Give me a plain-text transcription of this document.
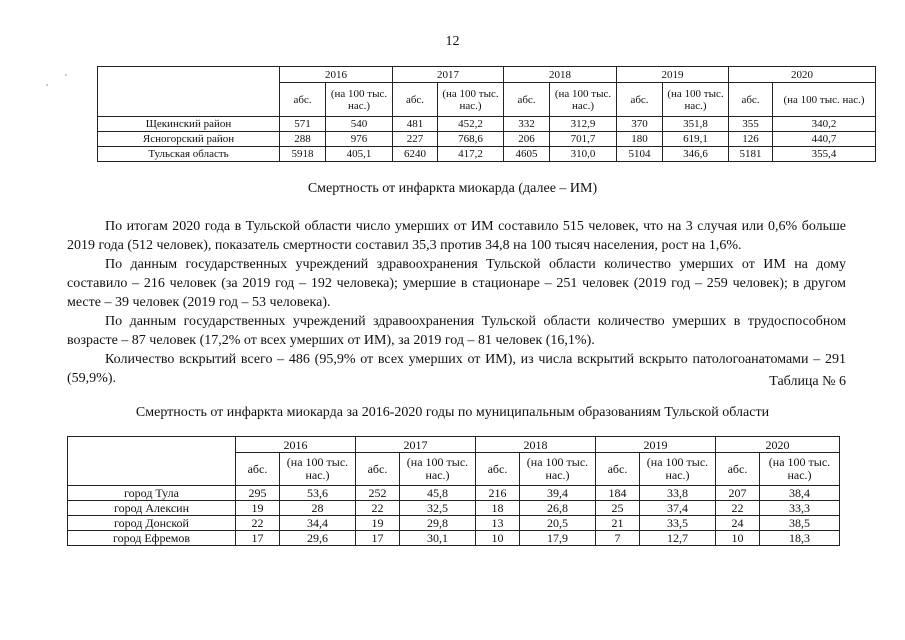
12
	2016		2017		2018		2019		2020	
	абс.	(на 100 тыс. нас.)	абс.	(на 100 тыс. нас.)	абс.	(на 100 тыс. нас.)	абс.	(на 100 тыс. нас.)	абс.	(на 100 тыс. нас.)
Щекинский район	571	540	481	452,2	332	312,9	370	351,8	355	340,2
Ясногорский район	288	976	227	768,6	206	701,7	180	619,1	126	440,7
Тульская область	5918	405,1	6240	417,2	4605	310,0	5104	346,6	5181	355,4
Смертность от инфаркта миокарда (далее – ИМ)

По итогам 2020 года в Тульской области число умерших от ИМ составило 515 человек, что на 3 случая или 0,6% больше 2019 года (512 человек), показатель смертности составил 35,3 против 34,8 на 100 тысяч населения, рост на 1,6%.

По данным государственных учреждений здравоохранения Тульской области количество умерших от ИМ на дому составило – 216 человек (за 2019 год – 192 человека); умершие в стационаре – 251 человек (2019 год – 259 человек); в другом месте – 39 человек (2019 год – 53 человека).

По данным государственных учреждений здравоохранения Тульской области количество умерших в трудоспособном возрасте – 87 человек (17,2% от всех умерших от ИМ), за 2019 год – 81 человек (16,1%).

Количество вскрытий всего – 486 (95,9% от всех умерших от ИМ), из числа вскрытий вскрыто патологоанатомами – 291 (59,9%).	Таблица № 6
Смертность от инфаркта миокарда за 2016-2020 годы по муниципальным образованиям Тульской области
	2016		2017		2018		2019		2020	
	абс.	(на 100 тыс. нас.)	абс.	(на 100 тыс. нас.)	абс.	(на 100 тыс. нас.)	абс.	(на 100 тыс. нас.)	абс.	(на 100 тыс. нас.)
город Тула	295	53,6	252	45,8	216	39,4	184	33,8	207	38,4
город Алексин	19	28	22	32,5	18	26,8	25	37,4	22	33,3
город Донской	22	34,4	19	29,8	13	20,5	21	33,5	24	38,5
город Ефремов	17	29,6	17	30,1	10	17,9	7	12,7	10	18,3
